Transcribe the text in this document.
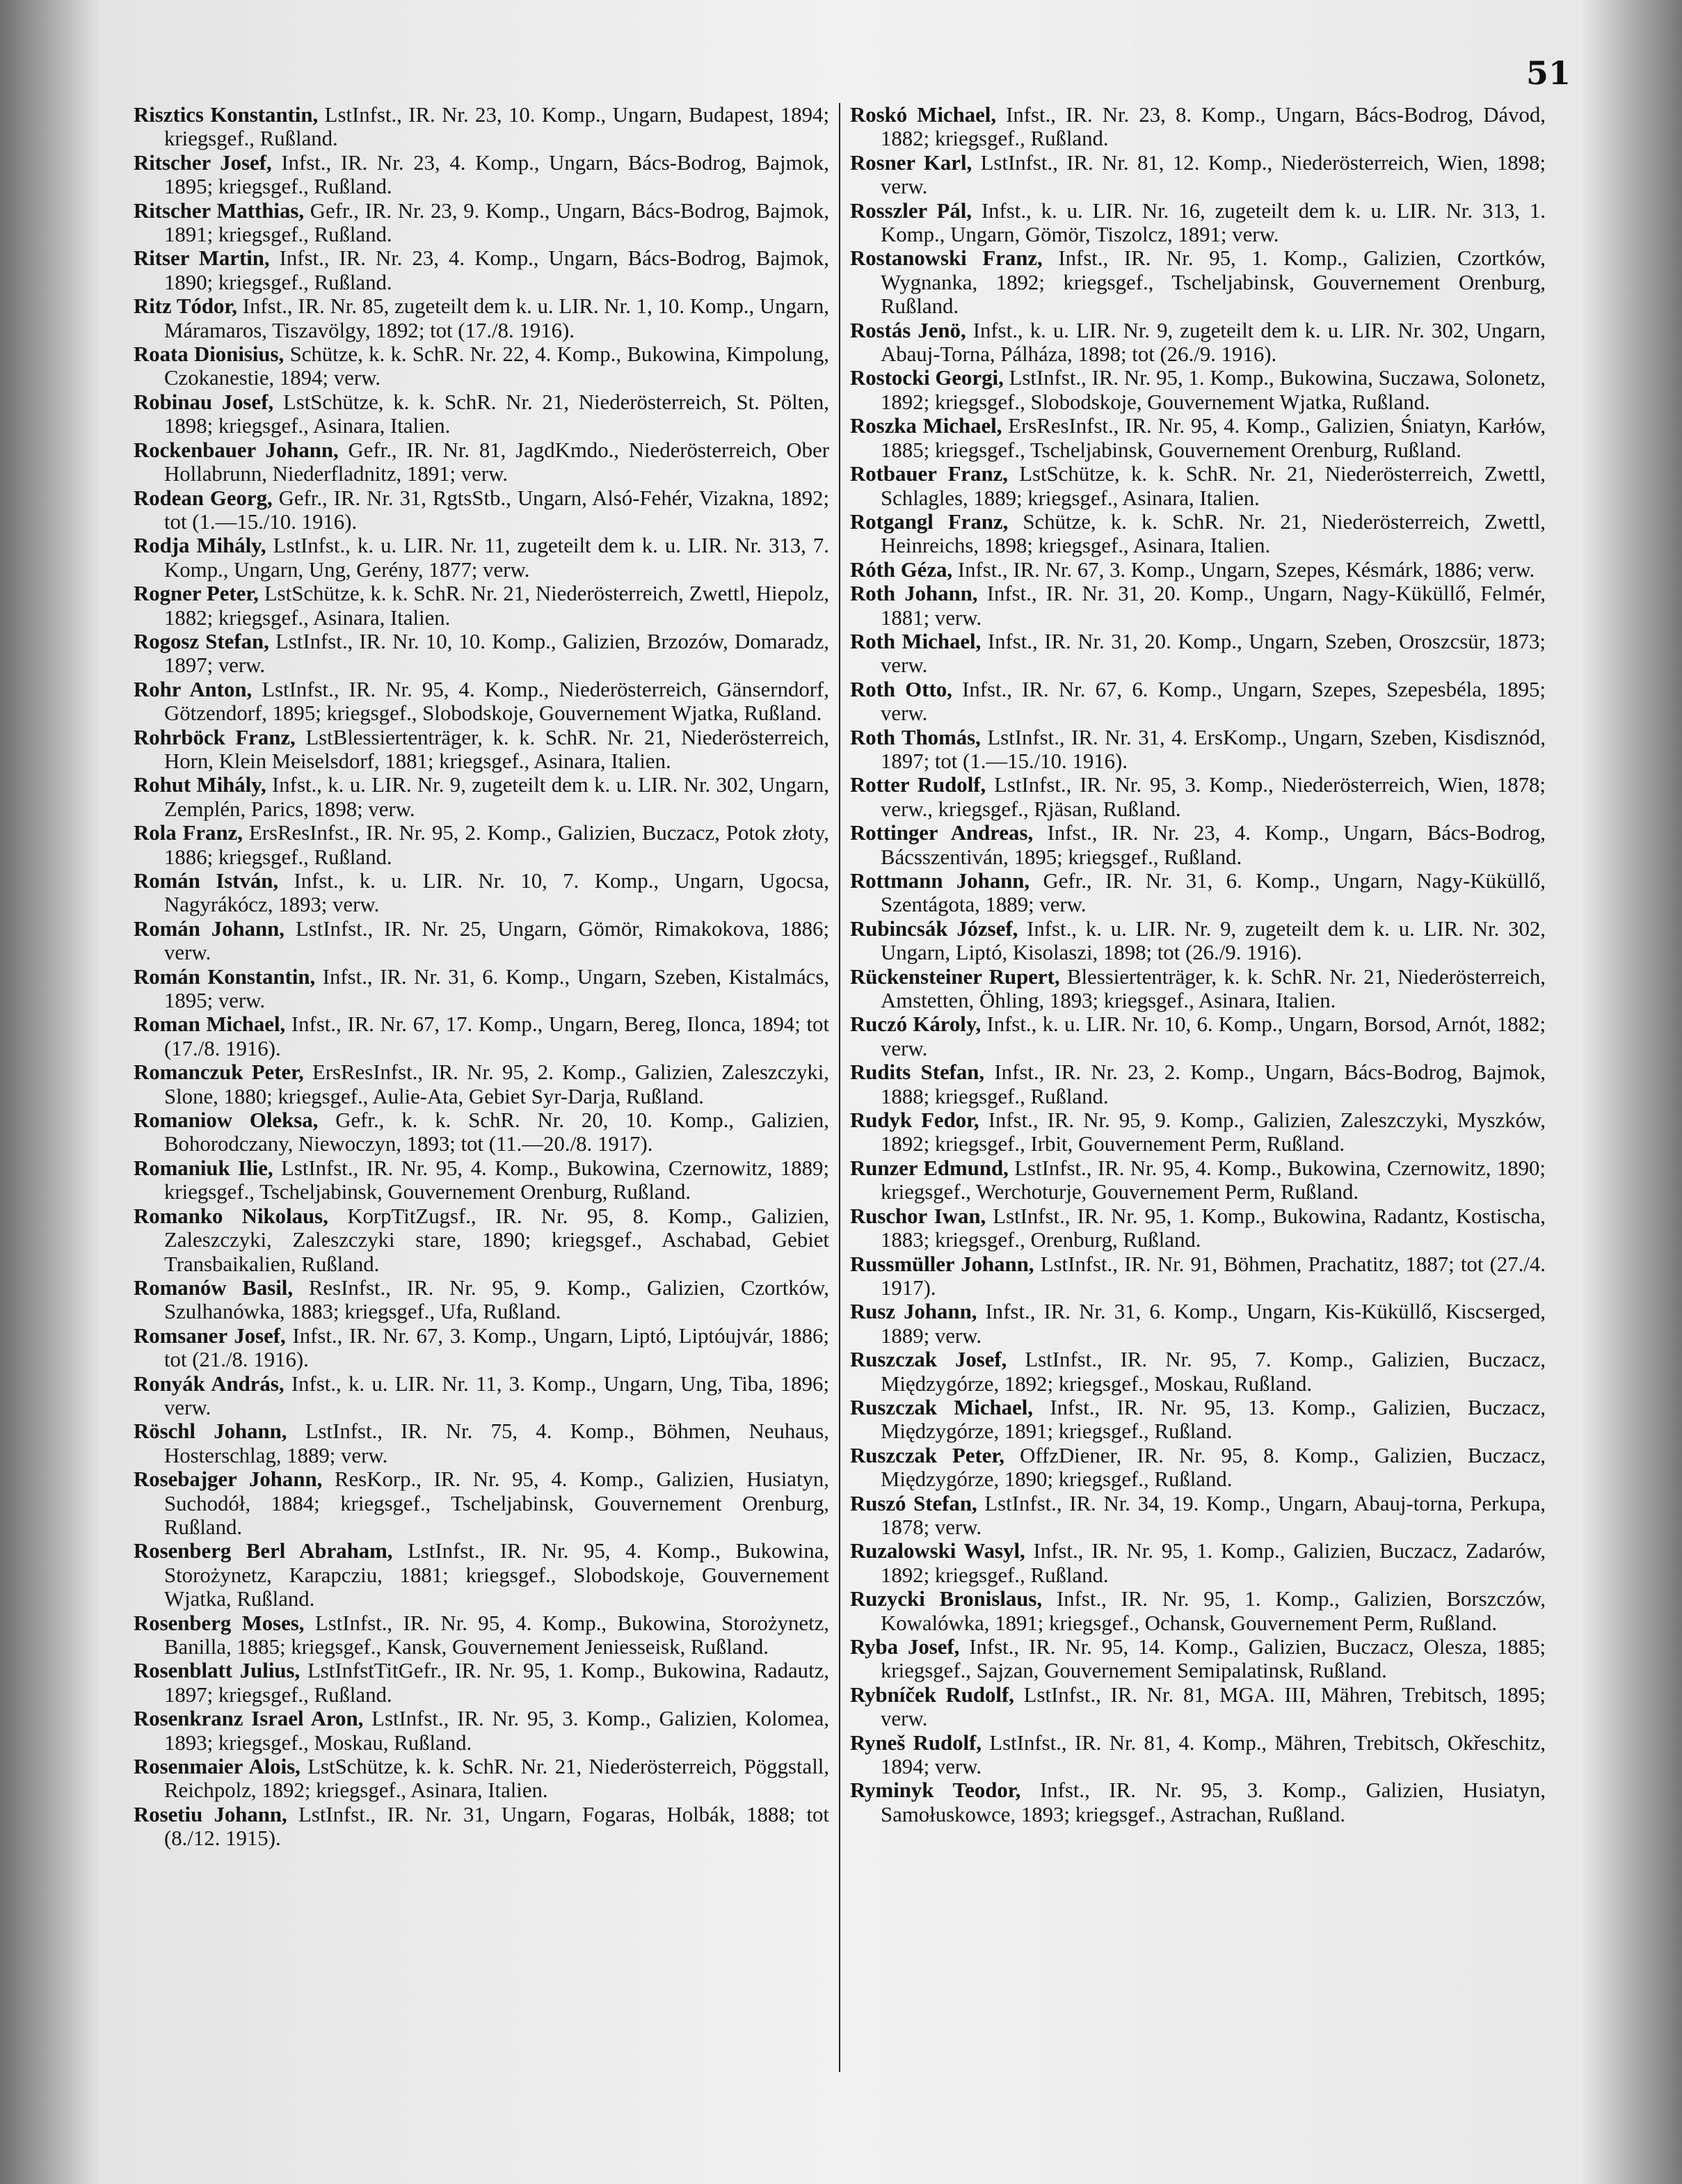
51
Risztics Konstantin, LstInfst., IR. Nr. 23, 10. Komp., Ungarn, Budapest, 1894; kriegsgef., Rußland.
Ritscher Josef, Infst., IR. Nr. 23, 4. Komp., Ungarn, Bács-Bodrog, Bajmok, 1895; kriegsgef., Rußland.
Ritscher Matthias, Gefr., IR. Nr. 23, 9. Komp., Ungarn, Bács-Bodrog, Bajmok, 1891; kriegsgef., Rußland.
Ritser Martin, Infst., IR. Nr. 23, 4. Komp., Ungarn, Bács-Bodrog, Bajmok, 1890; kriegsgef., Rußland.
Ritz Tódor, Infst., IR. Nr. 85, zugeteilt dem k. u. LIR. Nr. 1, 10. Komp., Ungarn, Máramaros, Tiszavölgy, 1892; tot (17./8. 1916).
Roata Dionisius, Schütze, k. k. SchR. Nr. 22, 4. Komp., Bukowina, Kimpolung, Czokanestie, 1894; verw.
Robinau Josef, LstSchütze, k. k. SchR. Nr. 21, Niederösterreich, St. Pölten, 1898; kriegsgef., Asinara, Italien.
Rockenbauer Johann, Gefr., IR. Nr. 81, JagdKmdo., Niederösterreich, Ober Hollabrunn, Niederfladnitz, 1891; verw.
Rodean Georg, Gefr., IR. Nr. 31, RgtsStb., Ungarn, Alsó-Fehér, Vizakna, 1892; tot (1.—15./10. 1916).
Rodja Mihály, LstInfst., k. u. LIR. Nr. 11, zugeteilt dem k. u. LIR. Nr. 313, 7. Komp., Ungarn, Ung, Gerény, 1877; verw.
Rogner Peter, LstSchütze, k. k. SchR. Nr. 21, Niederösterreich, Zwettl, Hiepolz, 1882; kriegsgef., Asinara, Italien.
Rogosz Stefan, LstInfst., IR. Nr. 10, 10. Komp., Galizien, Brzozów, Domaradz, 1897; verw.
Rohr Anton, LstInfst., IR. Nr. 95, 4. Komp., Niederösterreich, Gänserndorf, Götzendorf, 1895; kriegsgef., Slobodskoje, Gouvernement Wjatka, Rußland.
Rohrböck Franz, LstBlessiertenträger, k. k. SchR. Nr. 21, Niederösterreich, Horn, Klein Meiselsdorf, 1881; kriegsgef., Asinara, Italien.
Rohut Mihály, Infst., k. u. LIR. Nr. 9, zugeteilt dem k. u. LIR. Nr. 302, Ungarn, Zemplén, Parics, 1898; verw.
Rola Franz, ErsResInfst., IR. Nr. 95, 2. Komp., Galizien, Buczacz, Potok złoty, 1886; kriegsgef., Rußland.
Román István, Infst., k. u. LIR. Nr. 10, 7. Komp., Ungarn, Ugocsa, Nagyrákócz, 1893; verw.
Román Johann, LstInfst., IR. Nr. 25, Ungarn, Gömör, Rimakokova, 1886; verw.
Román Konstantin, Infst., IR. Nr. 31, 6. Komp., Ungarn, Szeben, Kistalmács, 1895; verw.
Roman Michael, Infst., IR. Nr. 67, 17. Komp., Ungarn, Bereg, Ilonca, 1894; tot (17./8. 1916).
Romanczuk Peter, ErsResInfst., IR. Nr. 95, 2. Komp., Galizien, Zaleszczyki, Slone, 1880; kriegsgef., Aulie-Ata, Gebiet Syr-Darja, Rußland.
Romaniow Oleksa, Gefr., k. k. SchR. Nr. 20, 10. Komp., Galizien, Bohorodczany, Niewoczyn, 1893; tot (11.—20./8. 1917).
Romaniuk Ilie, LstInfst., IR. Nr. 95, 4. Komp., Bukowina, Czernowitz, 1889; kriegsgef., Tscheljabinsk, Gouvernement Orenburg, Rußland.
Romanko Nikolaus, KorpTitZugsf., IR. Nr. 95, 8. Komp., Galizien, Zaleszczyki, Zaleszczyki stare, 1890; kriegsgef., Aschabad, Gebiet Transbaikalien, Rußland.
Romanów Basil, ResInfst., IR. Nr. 95, 9. Komp., Galizien, Czortków, Szulhanówka, 1883; kriegsgef., Ufa, Rußland.
Romsaner Josef, Infst., IR. Nr. 67, 3. Komp., Ungarn, Liptó, Liptóujvár, 1886; tot (21./8. 1916).
Ronyák András, Infst., k. u. LIR. Nr. 11, 3. Komp., Ungarn, Ung, Tiba, 1896; verw.
Röschl Johann, LstInfst., IR. Nr. 75, 4. Komp., Böhmen, Neuhaus, Hosterschlag, 1889; verw.
Rosebajger Johann, ResKorp., IR. Nr. 95, 4. Komp., Galizien, Husiatyn, Suchodół, 1884; kriegsgef., Tscheljabinsk, Gouvernement Orenburg, Rußland.
Rosenberg Berl Abraham, LstInfst., IR. Nr. 95, 4. Komp., Bukowina, Storożynetz, Karapcziu, 1881; kriegsgef., Slobodskoje, Gouvernement Wjatka, Rußland.
Rosenberg Moses, LstInfst., IR. Nr. 95, 4. Komp., Bukowina, Storożynetz, Banilla, 1885; kriegsgef., Kansk, Gouvernement Jeniesseisk, Rußland.
Rosenblatt Julius, LstInfstTitGefr., IR. Nr. 95, 1. Komp., Bukowina, Radautz, 1897; kriegsgef., Rußland.
Rosenkranz Israel Aron, LstInfst., IR. Nr. 95, 3. Komp., Galizien, Kolomea, 1893; kriegsgef., Moskau, Rußland.
Rosenmaier Alois, LstSchütze, k. k. SchR. Nr. 21, Niederösterreich, Pöggstall, Reichpolz, 1892; kriegsgef., Asinara, Italien.
Rosetiu Johann, LstInfst., IR. Nr. 31, Ungarn, Fogaras, Holbák, 1888; tot (8./12. 1915).
Roskó Michael, Infst., IR. Nr. 23, 8. Komp., Ungarn, Bács-Bodrog, Dávod, 1882; kriegsgef., Rußland.
Rosner Karl, LstInfst., IR. Nr. 81, 12. Komp., Niederösterreich, Wien, 1898; verw.
Rosszler Pál, Infst., k. u. LIR. Nr. 16, zugeteilt dem k. u. LIR. Nr. 313, 1. Komp., Ungarn, Gömör, Tiszolcz, 1891; verw.
Rostanowski Franz, Infst., IR. Nr. 95, 1. Komp., Galizien, Czortków, Wygnanka, 1892; kriegsgef., Tscheljabinsk, Gouvernement Orenburg, Rußland.
Rostás Jenö, Infst., k. u. LIR. Nr. 9, zugeteilt dem k. u. LIR. Nr. 302, Ungarn, Abauj-Torna, Pálháza, 1898; tot (26./9. 1916).
Rostocki Georgi, LstInfst., IR. Nr. 95, 1. Komp., Bukowina, Suczawa, Solonetz, 1892; kriegsgef., Slobodskoje, Gouvernement Wjatka, Rußland.
Roszka Michael, ErsResInfst., IR. Nr. 95, 4. Komp., Galizien, Śniatyn, Karłów, 1885; kriegsgef., Tscheljabinsk, Gouvernement Orenburg, Rußland.
Rotbauer Franz, LstSchütze, k. k. SchR. Nr. 21, Niederösterreich, Zwettl, Schlagles, 1889; kriegsgef., Asinara, Italien.
Rotgangl Franz, Schütze, k. k. SchR. Nr. 21, Niederösterreich, Zwettl, Heinreichs, 1898; kriegsgef., Asinara, Italien.
Róth Géza, Infst., IR. Nr. 67, 3. Komp., Ungarn, Szepes, Késmárk, 1886; verw.
Roth Johann, Infst., IR. Nr. 31, 20. Komp., Ungarn, Nagy-Küküllő, Felmér, 1881; verw.
Roth Michael, Infst., IR. Nr. 31, 20. Komp., Ungarn, Szeben, Oroszcsür, 1873; verw.
Roth Otto, Infst., IR. Nr. 67, 6. Komp., Ungarn, Szepes, Szepesbéla, 1895; verw.
Roth Thomás, LstInfst., IR. Nr. 31, 4. ErsKomp., Ungarn, Szeben, Kisdisznód, 1897; tot (1.—15./10. 1916).
Rotter Rudolf, LstInfst., IR. Nr. 95, 3. Komp., Niederösterreich, Wien, 1878; verw., kriegsgef., Rjäsan, Rußland.
Rottinger Andreas, Infst., IR. Nr. 23, 4. Komp., Ungarn, Bács-Bodrog, Bácsszentiván, 1895; kriegsgef., Rußland.
Rottmann Johann, Gefr., IR. Nr. 31, 6. Komp., Ungarn, Nagy-Küküllő, Szentágota, 1889; verw.
Rubincsák József, Infst., k. u. LIR. Nr. 9, zugeteilt dem k. u. LIR. Nr. 302, Ungarn, Liptó, Kisolaszi, 1898; tot (26./9. 1916).
Rückensteiner Rupert, Blessiertenträger, k. k. SchR. Nr. 21, Niederösterreich, Amstetten, Öhling, 1893; kriegsgef., Asinara, Italien.
Ruczó Károly, Infst., k. u. LIR. Nr. 10, 6. Komp., Ungarn, Borsod, Arnót, 1882; verw.
Rudits Stefan, Infst., IR. Nr. 23, 2. Komp., Ungarn, Bács-Bodrog, Bajmok, 1888; kriegsgef., Rußland.
Rudyk Fedor, Infst., IR. Nr. 95, 9. Komp., Galizien, Zaleszczyki, Myszków, 1892; kriegsgef., Irbit, Gouvernement Perm, Rußland.
Runzer Edmund, LstInfst., IR. Nr. 95, 4. Komp., Bukowina, Czernowitz, 1890; kriegsgef., Werchoturje, Gouvernement Perm, Rußland.
Ruschor Iwan, LstInfst., IR. Nr. 95, 1. Komp., Bukowina, Radantz, Kostischa, 1883; kriegsgef., Orenburg, Rußland.
Russmüller Johann, LstInfst., IR. Nr. 91, Böhmen, Prachatitz, 1887; tot (27./4. 1917).
Rusz Johann, Infst., IR. Nr. 31, 6. Komp., Ungarn, Kis-Küküllő, Kiscserged, 1889; verw.
Ruszczak Josef, LstInfst., IR. Nr. 95, 7. Komp., Galizien, Buczacz, Międzygórze, 1892; kriegsgef., Moskau, Rußland.
Ruszczak Michael, Infst., IR. Nr. 95, 13. Komp., Galizien, Buczacz, Międzygórze, 1891; kriegsgef., Rußland.
Ruszczak Peter, OffzDiener, IR. Nr. 95, 8. Komp., Galizien, Buczacz, Międzygórze, 1890; kriegsgef., Rußland.
Ruszó Stefan, LstInfst., IR. Nr. 34, 19. Komp., Ungarn, Abauj-torna, Perkupa, 1878; verw.
Ruzalowski Wasyl, Infst., IR. Nr. 95, 1. Komp., Galizien, Buczacz, Zadarów, 1892; kriegsgef., Rußland.
Ruzycki Bronislaus, Infst., IR. Nr. 95, 1. Komp., Galizien, Borszczów, Kowalówka, 1891; kriegsgef., Ochansk, Gouvernement Perm, Rußland.
Ryba Josef, Infst., IR. Nr. 95, 14. Komp., Galizien, Buczacz, Olesza, 1885; kriegsgef., Sajzan, Gouvernement Semipalatinsk, Rußland.
Rybníček Rudolf, LstInfst., IR. Nr. 81, MGA. III, Mähren, Trebitsch, 1895; verw.
Ryneš Rudolf, LstInfst., IR. Nr. 81, 4. Komp., Mähren, Trebitsch, Okřeschitz, 1894; verw.
Ryminyk Teodor, Infst., IR. Nr. 95, 3. Komp., Galizien, Husiatyn, Samołuskowce, 1893; kriegsgef., Astrachan, Rußland.
